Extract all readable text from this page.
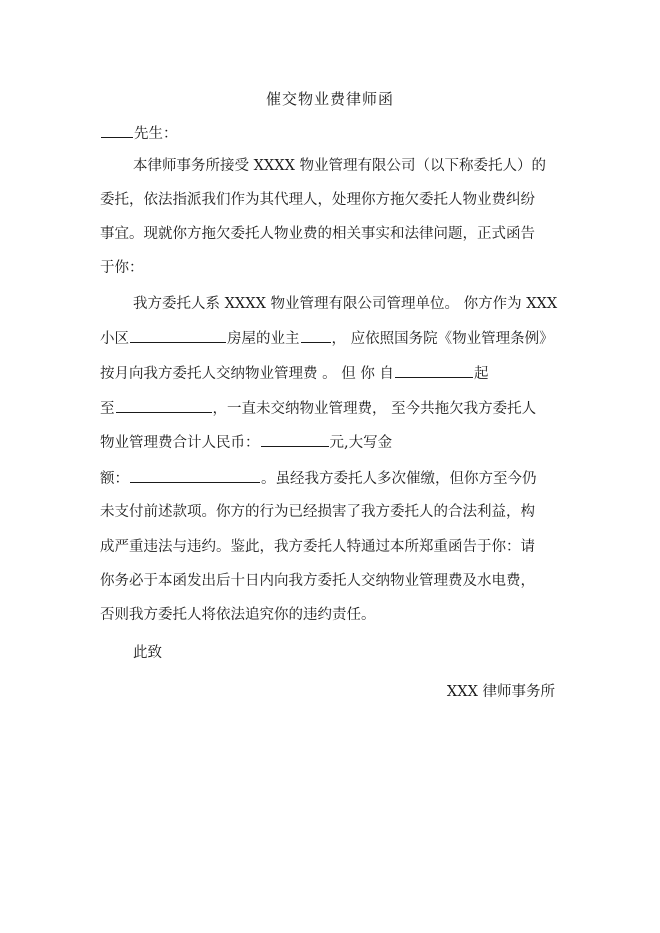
催交物业费律师函
先生：
本律师事务所接受 XXXX 物业管理有限公司（以下称委托人）的
委托，依法指派我们作为其代理人，处理你方拖欠委托人物业费纠纷
事宜。现就你方拖欠委托人物业费的相关事实和法律问题，正式函告
于你：
我方委托人系 XXXX 物业管理有限公司管理单位。 你方作为 XXX
小区	房屋的业主 ， 应依照国务院《物业管理条例》
按月向我方委托人交纳物业管理费 。 但 你 自	起
至	，一直未交纳物业管理费， 至今共拖欠我方委托人
物业管理费合计人民币：	元,大写金
额：	。虽经我方委托人多次催缴，但你方至今仍
未支付前述款项。你方的行为已经损害了我方委托人的合法利益，构
成严重违法与违约。鉴此，我方委托人特通过本所郑重函告于你：请
你务必于本函发出后十日内向我方委托人交纳物业管理费及水电费，
否则我方委托人将依法追究你的违约责任。
此致
XXX 律师事务所
